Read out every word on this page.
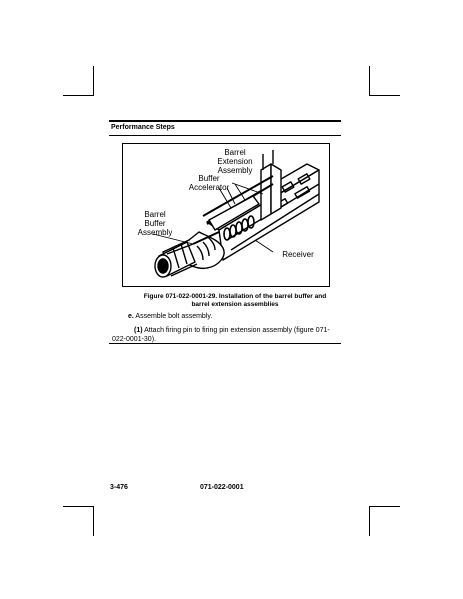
Performance Steps
Barrel
Extension
Assembly
Buffer
Accelerator
Barrel
Buffer
Assembly
Receiver
Figure 071-022-0001-29. Installation of the barrel buffer and barrel extension assemblies
e. Assemble bolt assembly.
(1) Attach firing pin to firing pin extension assembly (figure 071-022-0001-30).
3-476	071-022-0001
